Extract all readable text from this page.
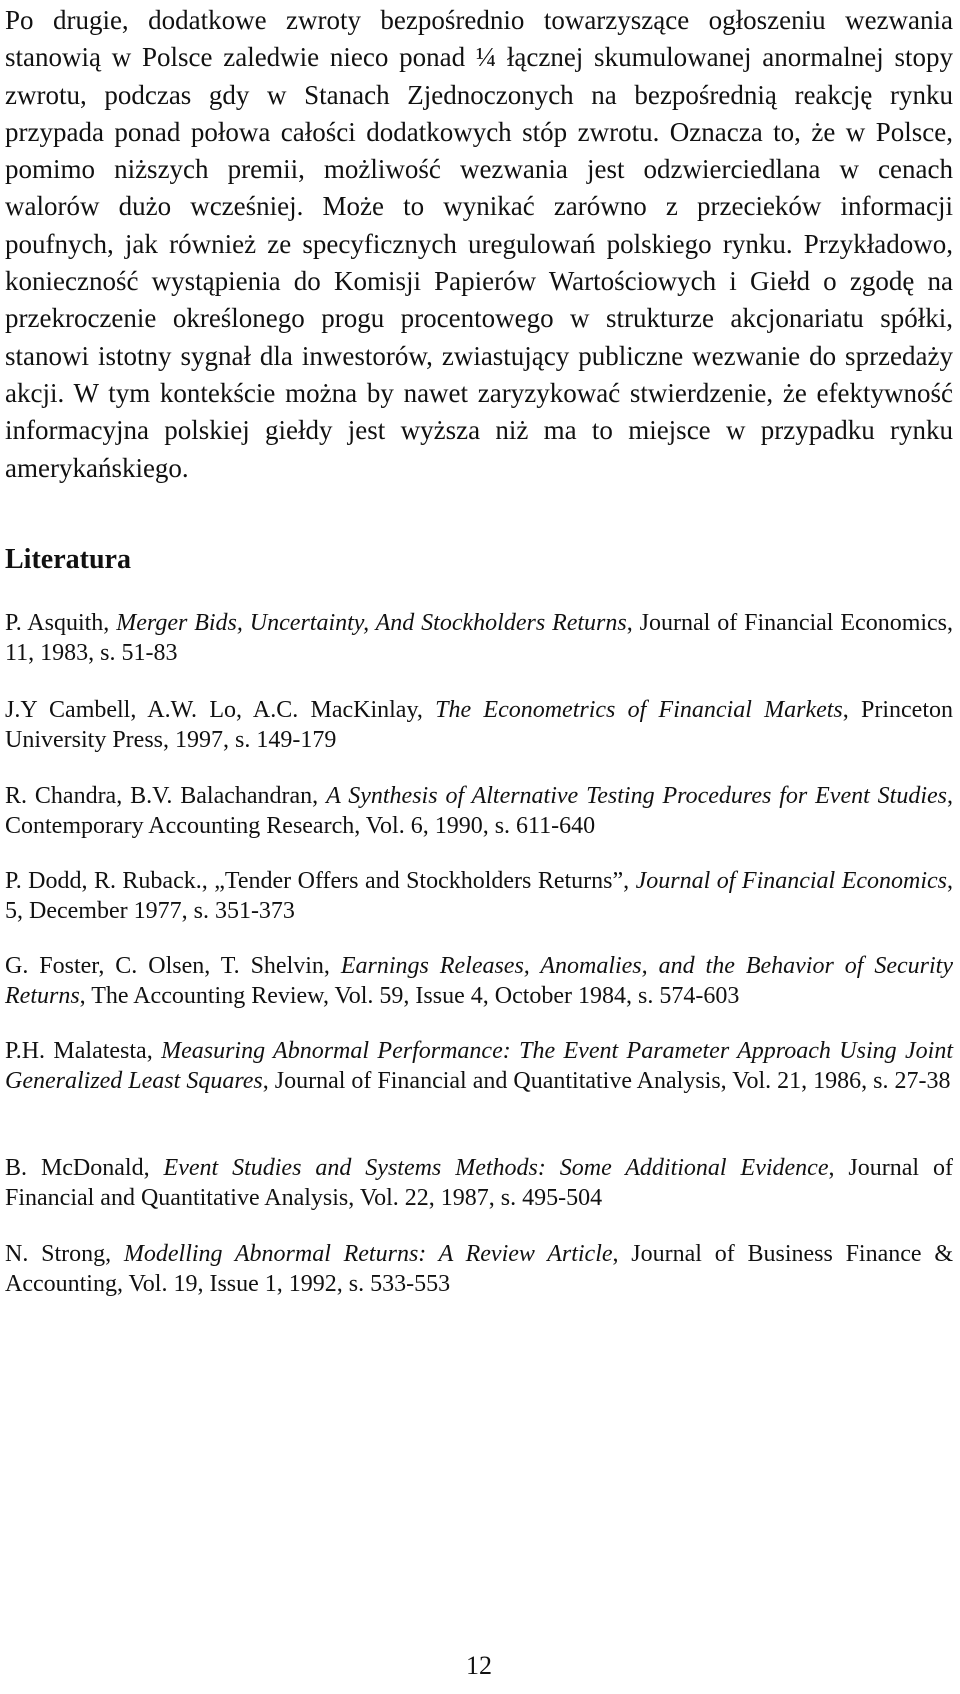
Po drugie, dodatkowe zwroty bezpośrednio towarzyszące ogłoszeniu wezwania stanowią w Polsce zaledwie nieco ponad ¼ łącznej skumulowanej anormalnej stopy zwrotu, podczas gdy w Stanach Zjednoczonych na bezpośrednią reakcję rynku przypada ponad połowa całości dodatkowych stóp zwrotu. Oznacza to, że w Polsce, pomimo niższych premii, możliwość wezwania jest odzwierciedlana w cenach walorów dużo wcześniej. Może to wynikać zarówno z przecieków informacji poufnych, jak również ze specyficznych uregulowań polskiego rynku. Przykładowo, konieczność wystąpienia do Komisji Papierów Wartościowych i Giełd o zgodę na przekroczenie określonego progu procentowego w strukturze akcjonariatu spółki, stanowi istotny sygnał dla inwestorów, zwiastujący publiczne wezwanie do sprzedaży akcji. W tym kontekście można by nawet zaryzykować stwierdzenie, że efektywność informacyjna polskiej giełdy jest wyższa niż ma to miejsce w przypadku rynku amerykańskiego.

Literatura

P. Asquith, Merger Bids, Uncertainty, And Stockholders Returns, Journal of Financial Economics, 11, 1983, s. 51-83

J.Y Cambell, A.W. Lo, A.C. MacKinlay, The Econometrics of Financial Markets, Princeton University Press, 1997, s. 149-179

R. Chandra, B.V. Balachandran, A Synthesis of Alternative Testing Procedures for Event Studies, Contemporary Accounting Research, Vol. 6, 1990, s. 611-640

P. Dodd, R. Ruback., „Tender Offers and Stockholders Returns”, Journal of Financial Economics, 5, December 1977, s. 351-373

G. Foster, C. Olsen, T. Shelvin, Earnings Releases, Anomalies, and the Behavior of Security Returns, The Accounting Review, Vol. 59, Issue 4, October 1984, s. 574-603

P.H. Malatesta, Measuring Abnormal Performance: The Event Parameter Approach Using Joint Generalized Least Squares, Journal of Financial and Quantitative Analysis, Vol. 21, 1986, s. 27-38

B. McDonald, Event Studies and Systems Methods: Some Additional Evidence, Journal of Financial and Quantitative Analysis, Vol. 22, 1987, s. 495-504

N. Strong, Modelling Abnormal Returns: A Review Article, Journal of Business Finance & Accounting, Vol. 19, Issue 1, 1992, s. 533-553

12
